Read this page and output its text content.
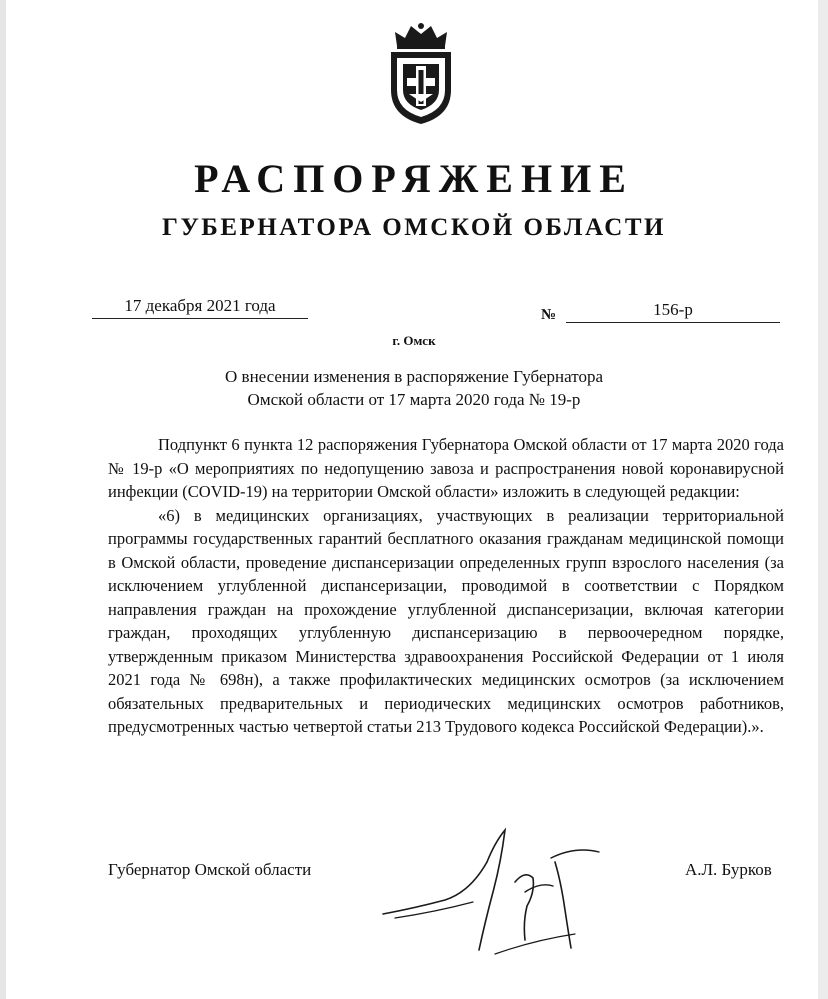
РАСПОРЯЖЕНИЕ
ГУБЕРНАТОРА ОМСКОЙ ОБЛАСТИ
17 декабря 2021 года	№	156-р
г. Омск
О внесении изменения в распоряжение Губернатора
Омской области от 17 марта 2020 года № 19-р

Подпункт 6 пункта 12 распоряжения Губернатора Омской области от 17 марта 2020 года № 19-р «О мероприятиях по недопущению завоза и распространения новой коронавирусной инфекции (COVID-19) на территории Омской области» изложить в следующей редакции:

«6) в медицинских организациях, участвующих в реализации территориальной программы государственных гарантий бесплатного оказания гражданам медицинской помощи в Омской области, проведение диспансеризации определенных групп взрослого населения (за исключением углубленной диспансеризации, проводимой в соответствии с Порядком направления граждан на прохождение углубленной диспансеризации, включая категории граждан, проходящих углубленную диспансеризацию в первоочередном порядке, утвержденным приказом Министерства здравоохранения Российской Федерации от 1 июля 2021 года № 698н), а также профилактических медицинских осмотров (за исключением обязательных предварительных и периодических медицинских осмотров работников, предусмотренных частью четвертой статьи 213 Трудового кодекса Российской Федерации).».

Губернатор Омской области	А.Л. Бурков
